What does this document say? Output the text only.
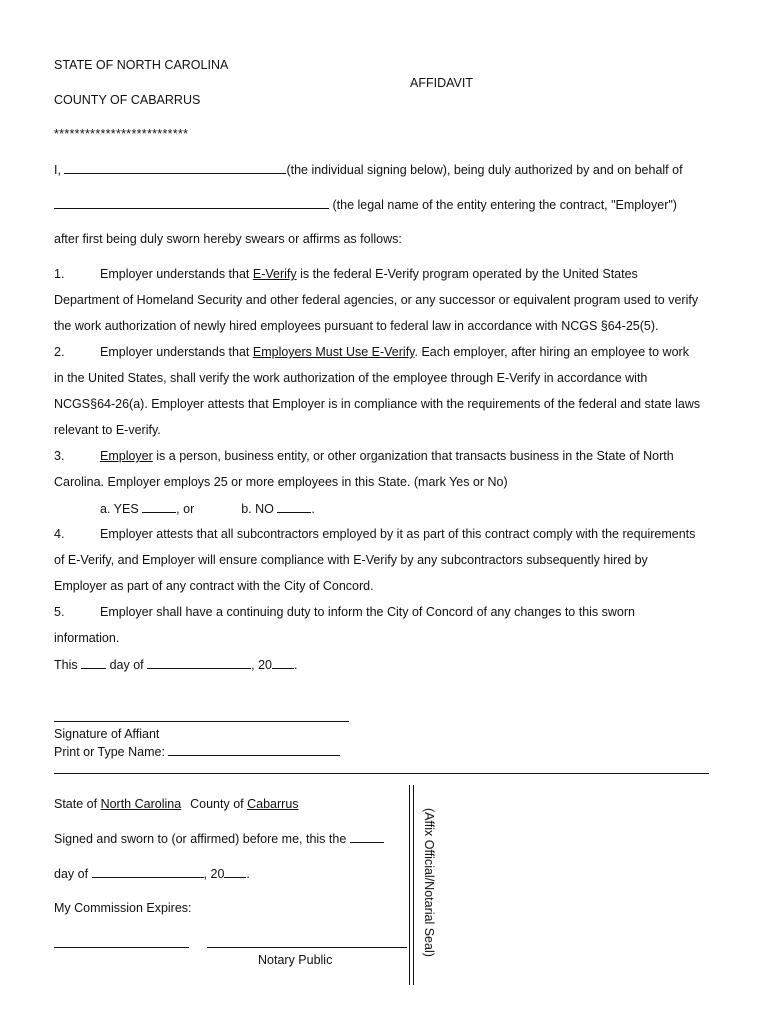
STATE OF NORTH CAROLINA
AFFIDAVIT
COUNTY OF CABARRUS
**************************
I,	(the individual signing below), being duly authorized by and on behalf of
(the legal name of the entity entering the contract, "Employer")
after first being duly sworn hereby swears or affirms as follows:
1.	Employer understands that E-Verify is the federal E-Verify program operated by the United States
Department of Homeland Security and other federal agencies, or any successor or equivalent program used to verify
the work authorization of newly hired employees pursuant to federal law in accordance with NCGS §64-25(5).
2.	Employer understands that Employers Must Use E-Verify. Each employer, after hiring an employee to work
in the United States, shall verify the work authorization of the employee through E-Verify in accordance with
NCGS§64-26(a). Employer attests that Employer is in compliance with the requirements of the federal and state laws
relevant to E-verify.
3.	Employer is a person, business entity, or other organization that transacts business in the State of North
Carolina. Employer employs 25 or more employees in this State. (mark Yes or No)
a. YES	, or	b. NO	.
4.	Employer attests that all subcontractors employed by it as part of this contract comply with the requirements
of E-Verify, and Employer will ensure compliance with E-Verify by any subcontractors subsequently hired by
Employer as part of any contract with the City of Concord.
5.	Employer shall have a continuing duty to inform the City of Concord of any changes to this sworn
information.
This	day of	, 20 .
Signature of Affiant
Print or Type Name:
State of North Carolina County of Cabarrus
Signed and sworn to (or affirmed) before me, this the
day of	, 20 .
My Commission Expires:
Notary Public
(Affix Official/Notarial Seal)
